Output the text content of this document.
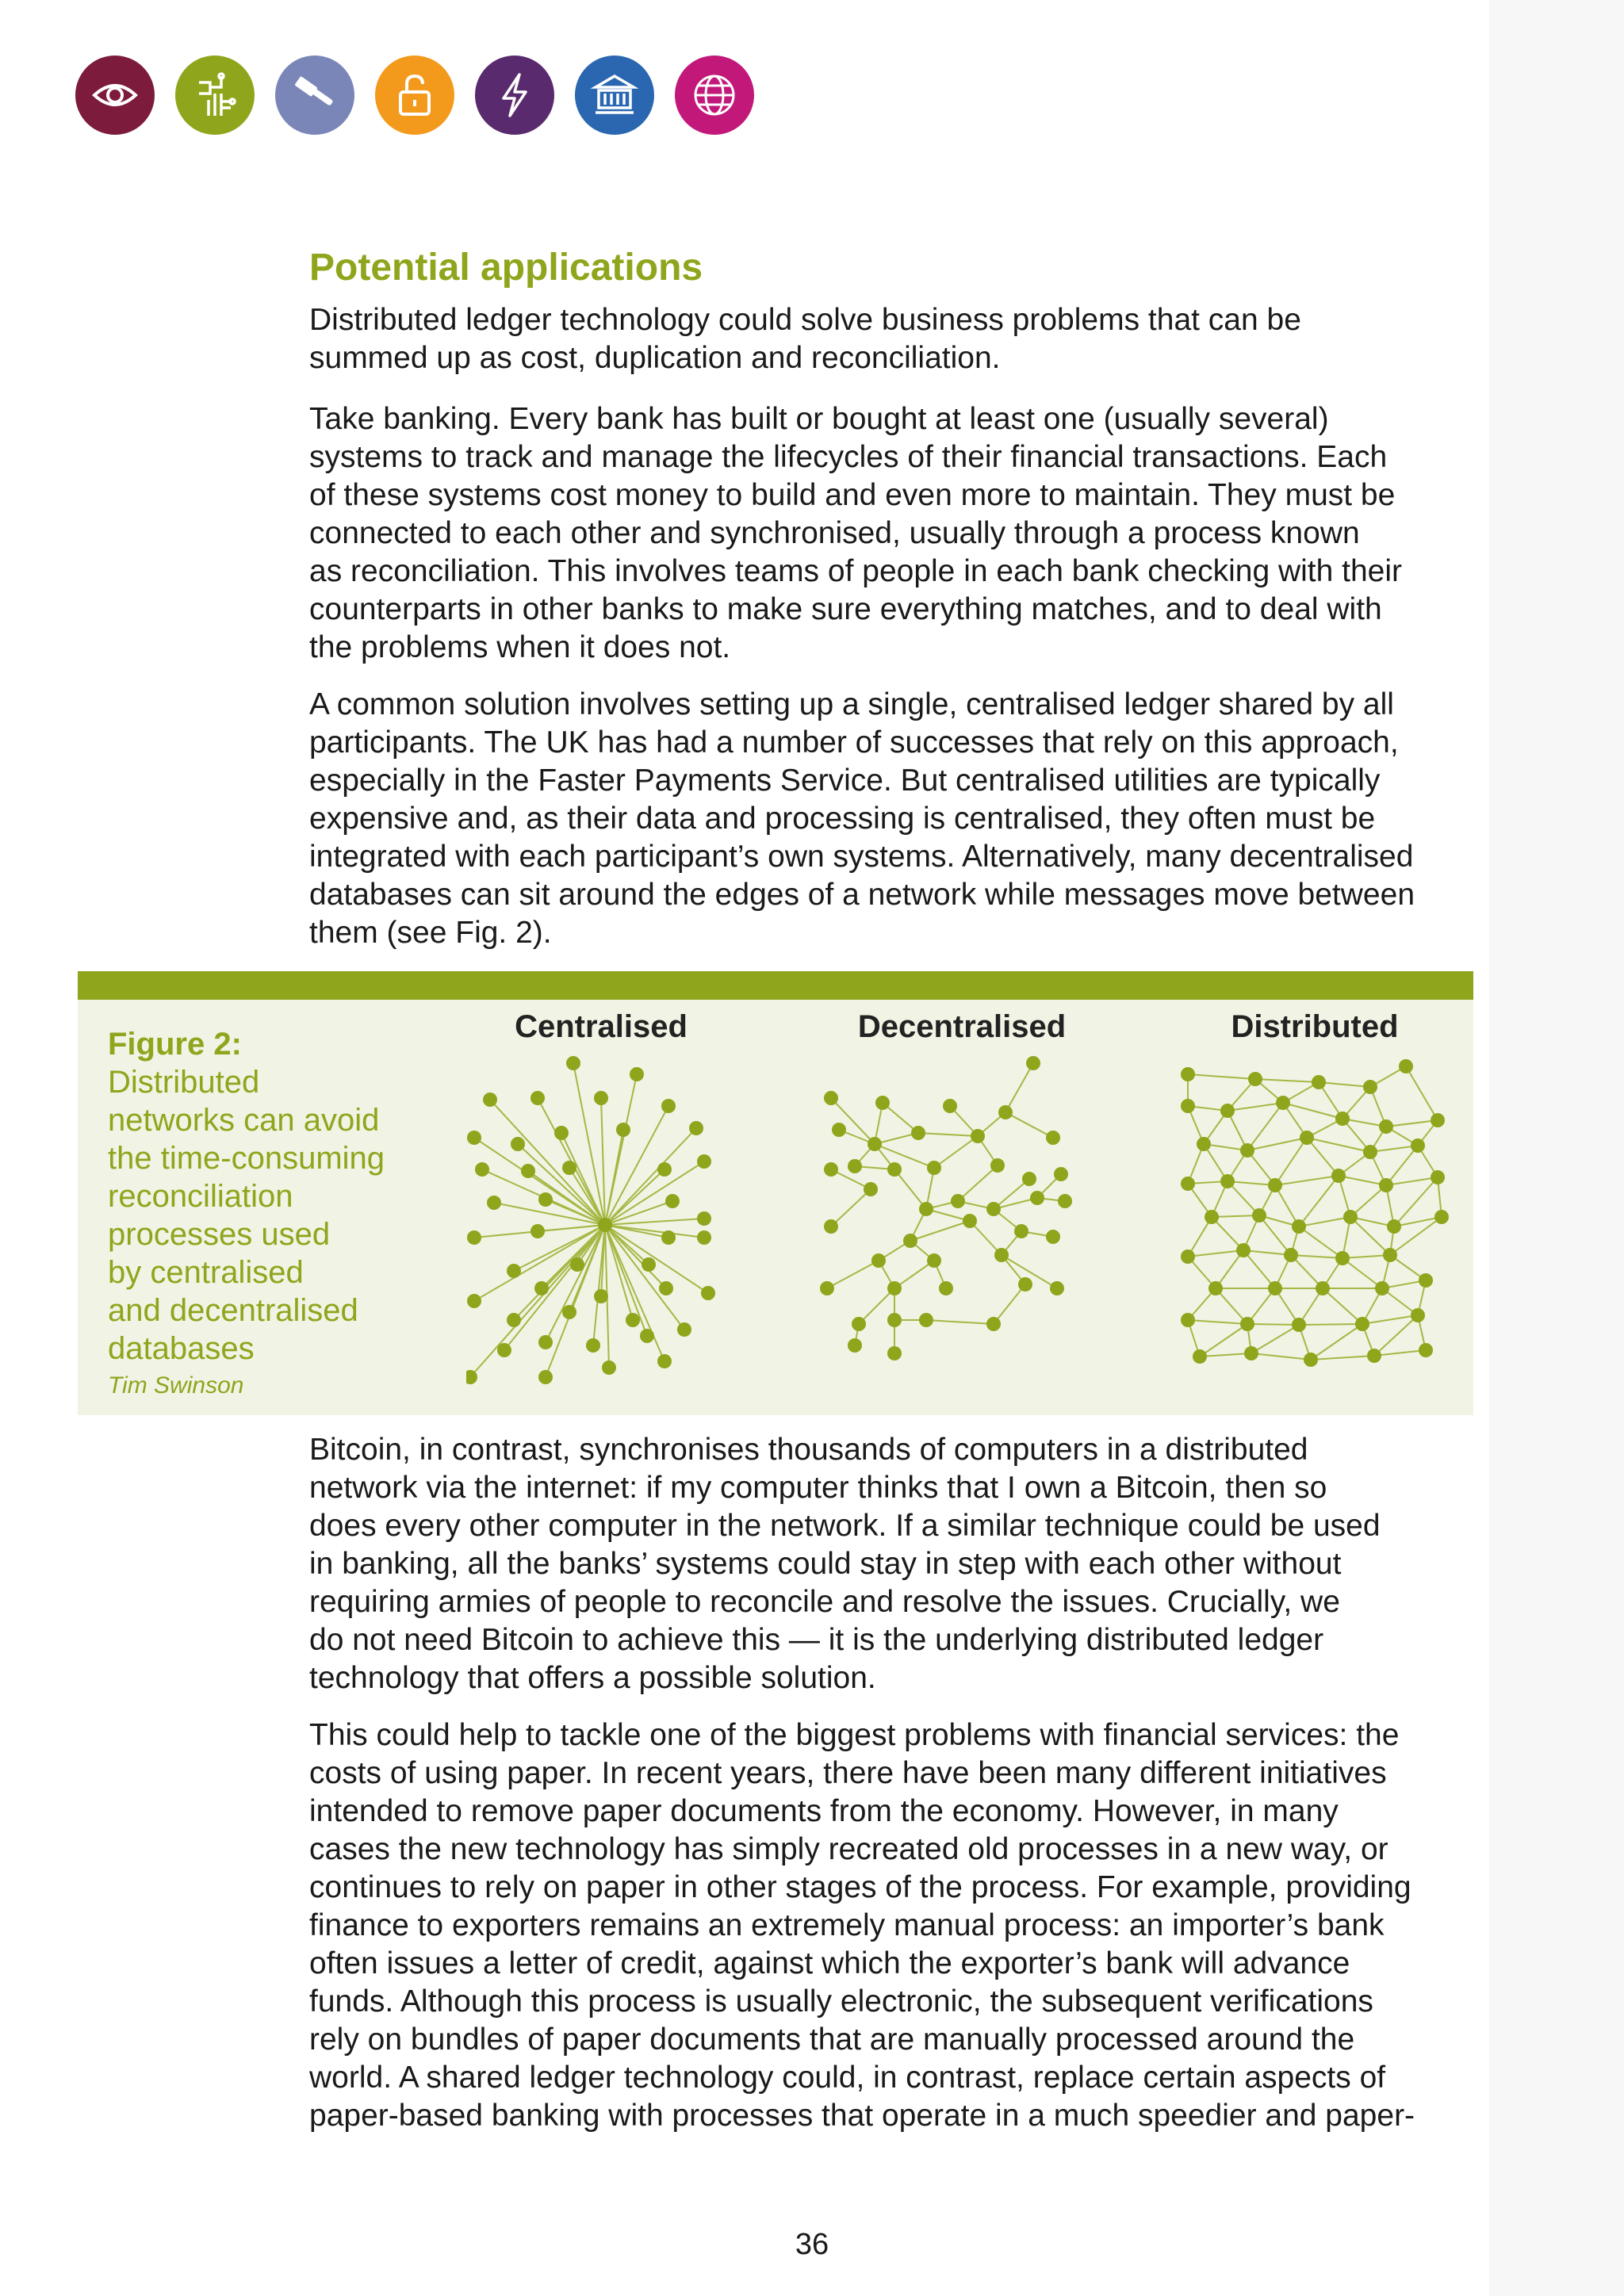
Potential applications

Distributed ledger technology could solve business problems that can be
summed up as cost, duplication and reconciliation.

Take banking. Every bank has built or bought at least one (usually several)
systems to track and manage the lifecycles of their financial transactions. Each
of these systems cost money to build and even more to maintain. They must be
connected to each other and synchronised, usually through a process known
as reconciliation. This involves teams of people in each bank checking with their
counterparts in other banks to make sure everything matches, and to deal with
the problems when it does not.

A common solution involves setting up a single, centralised ledger shared by all
participants. The UK has had a number of successes that rely on this approach,
especially in the Faster Payments Service. But centralised utilities are typically
expensive and, as their data and processing is centralised, they often must be
integrated with each participant’s own systems. Alternatively, many decentralised
databases can sit around the edges of a network while messages move between
them (see Fig. 2).

Figure 2:
Distributed
networks can avoid
the time-consuming
reconciliation
processes used
by centralised
and decentralised
databases
Tim Swinson
Centralised	Decentralised	Distributed

Bitcoin, in contrast, synchronises thousands of computers in a distributed
network via the internet: if my computer thinks that I own a Bitcoin, then so
does every other computer in the network. If a similar technique could be used
in banking, all the banks’ systems could stay in step with each other without
requiring armies of people to reconcile and resolve the issues. Crucially, we
do not need Bitcoin to achieve this — it is the underlying distributed ledger
technology that offers a possible solution.

This could help to tackle one of the biggest problems with financial services: the
costs of using paper. In recent years, there have been many different initiatives
intended to remove paper documents from the economy. However, in many
cases the new technology has simply recreated old processes in a new way, or
continues to rely on paper in other stages of the process. For example, providing
finance to exporters remains an extremely manual process: an importer’s bank
often issues a letter of credit, against which the exporter’s bank will advance
funds. Although this process is usually electronic, the subsequent verifications
rely on bundles of paper documents that are manually processed around the
world. A shared ledger technology could, in contrast, replace certain aspects of
paper-based banking with processes that operate in a much speedier and paper-

36
